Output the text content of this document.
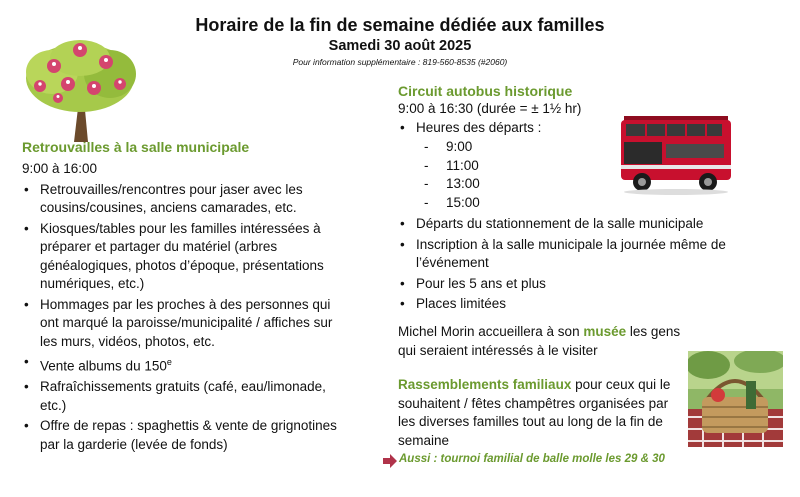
Horaire de la fin de semaine dédiée aux familles
Samedi 30 août 2025
Pour information supplémentaire : 819-560-8535 (#2060)
Retrouvailles à la salle municipale
9:00 à 16:00
• Retrouvailles/rencontres pour jaser avec les cousins/cousines, anciens camarades, etc.
• Kiosques/tables pour les familles intéressées à préparer et partager du matériel (arbres généalogiques, photos d’époque, présentations numériques, etc.)
• Hommages par les proches à des personnes qui ont marqué la paroisse/municipalité / affiches sur les murs, vidéos, photos, etc.
• Vente albums du 150e
• Rafraîchissements gratuits (café, eau/limonade, etc.)
• Offre de repas : spaghettis & vente de grignotines par la garderie (levée de fonds)
Circuit autobus historique
9:00 à 16:30 (durée = ± 1½ hr)
• Heures des départs :
- 9:00
- 11:00
- 13:00
- 15:00
• Départs du stationnement de la salle municipale
• Inscription à la salle municipale la journée même de l’événement
• Pour les 5 ans et plus
• Places limitées
Michel Morin accueillera à son musée les gens qui seraient intéressés à le visiter
Rassemblements familiaux pour ceux qui le souhaitent / fêtes champêtres organisées par les diverses familles tout au long de la fin de semaine
Aussi : tournoi familial de balle molle les 29 & 30
